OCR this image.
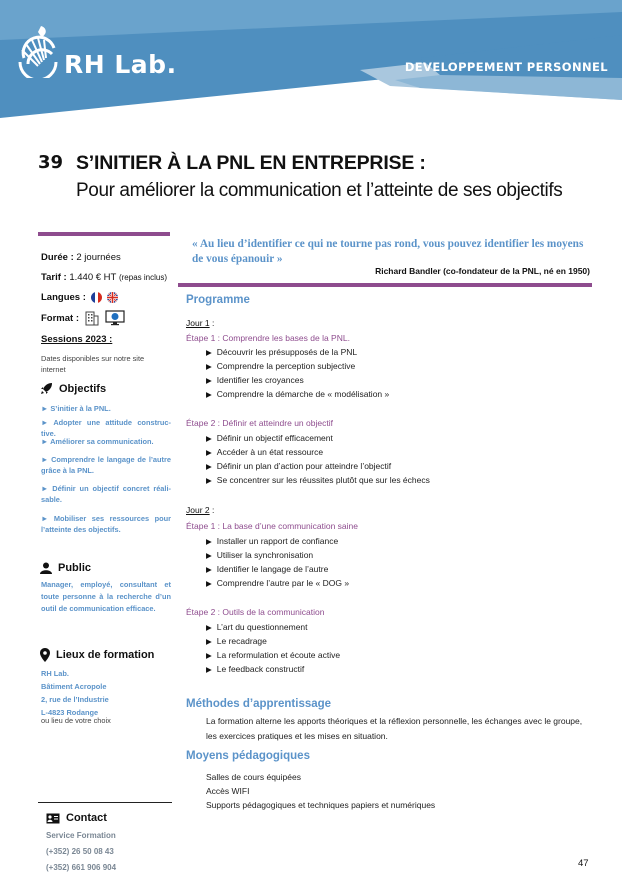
RH Lab.	DEVELOPPEMENT PERSONNEL
39 S’INITIER À LA PNL EN ENTREPRISE :
Pour améliorer la communication et l’atteinte de ses objectifs
Durée : 2 journées
Tarif : 1.440 € HT (repas inclus)
Langues :
Format :
Sessions 2023 :
Dates disponibles sur notre site
internet
Objectifs
► S’initier à la PNL.
► Adopter une attitude construc-tive.
► Améliorer sa communication.
► Comprendre le langage de l’autre grâce à la PNL.
► Définir un objectif concret réali-sable.
► Mobiliser ses ressources pour l’atteinte des objectifs.
Public
Manager, employé, consultant et toute personne à la recherche d’un outil de communication efficace.
Lieux de formation
RH Lab.
Bâtiment Acropole
2, rue de l’Industrie
L-4823 Rodange
ou lieu de votre choix
Contact
Service Formation
(+352) 26 50 08 43
(+352) 661 906 904
« Au lieu d’identifier ce qui ne tourne pas rond, vous pouvez identifier les moyens de vous épanouir »
Richard Bandler (co-fondateur de la PNL, né en 1950)
Programme
Jour 1 :
Étape 1 : Comprendre les bases de la PNL.
▶ Découvrir les présupposés de la PNL
▶ Comprendre la perception subjective
▶ Identifier les croyances
▶ Comprendre la démarche de « modélisation »
Étape 2 : Définir et atteindre un objectif
▶ Définir un objectif efficacement
▶ Accéder à un état ressource
▶ Définir un plan d’action pour atteindre l’objectif
▶ Se concentrer sur les réussites plutôt que sur les échecs
Jour 2 :
Étape 1 : La base d’une communication saine
▶ Installer un rapport de confiance
▶ Utiliser la synchronisation
▶ Identifier le langage de l’autre
▶ Comprendre l’autre par le « DOG »
Étape 2 : Outils de la communication
▶ L’art du questionnement
▶ Le recadrage
▶ La reformulation et écoute active
▶ Le feedback constructif
Méthodes d’apprentissage
La formation alterne les apports théoriques et la réflexion personnelle, les échanges avec le groupe, les exercices pratiques et les mises en situation.
Moyens pédagogiques
Salles de cours équipées
Accès WIFI
Supports pédagogiques et techniques papiers et numériques
47
